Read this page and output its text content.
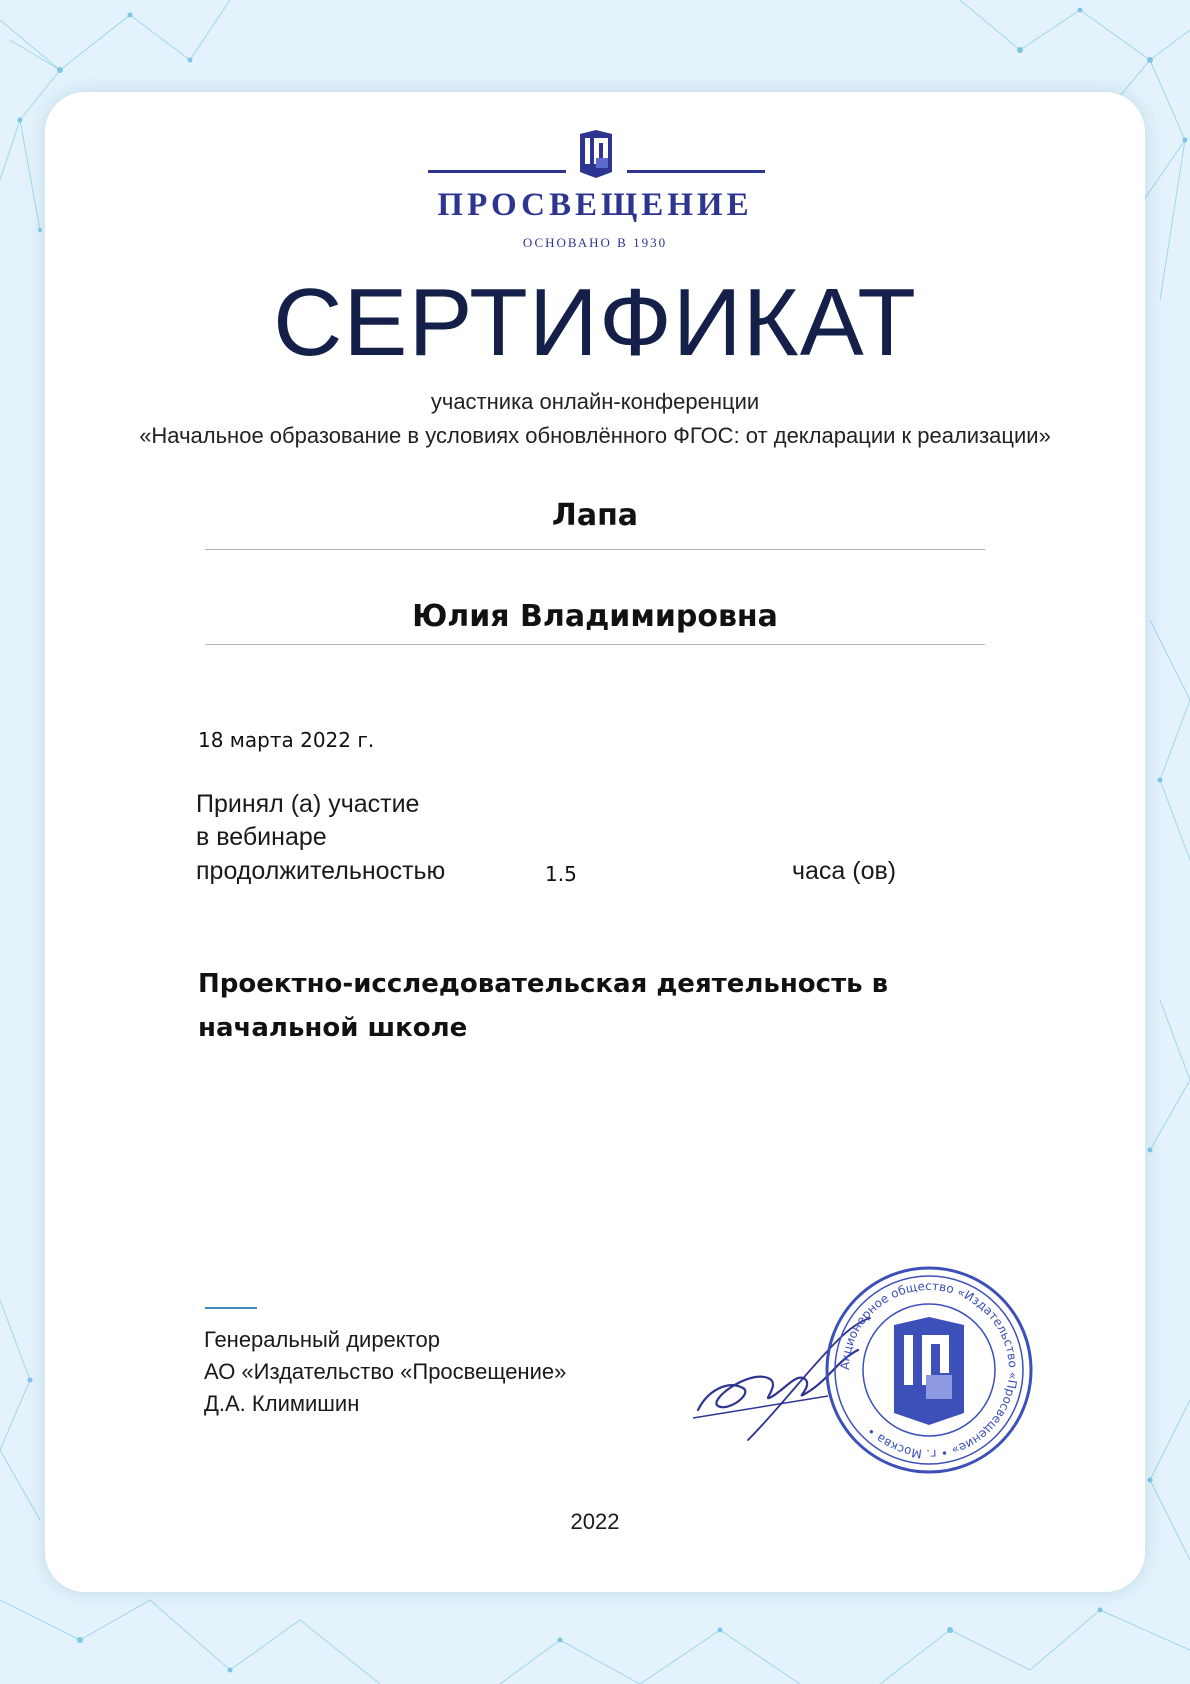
ПРОСВЕЩЕНИЕ
ОСНОВАНО В 1930
СЕРТИФИКАТ
участника онлайн-конференции
«Начальное образование в условиях обновлённого ФГОС: от декларации к реализации»
Лапа
Юлия Владимировна
18 марта 2022 г.
Принял (а) участие
в вебинаре
продолжительностью	1.5	часа (ов)
Проектно-исследовательская деятельность в начальной школе
Генеральный директор
АО «Издательство «Просвещение»
Д.А. Климишин
Акционерное общество «Издательство «Просвещение» • г. Москва •
2022
